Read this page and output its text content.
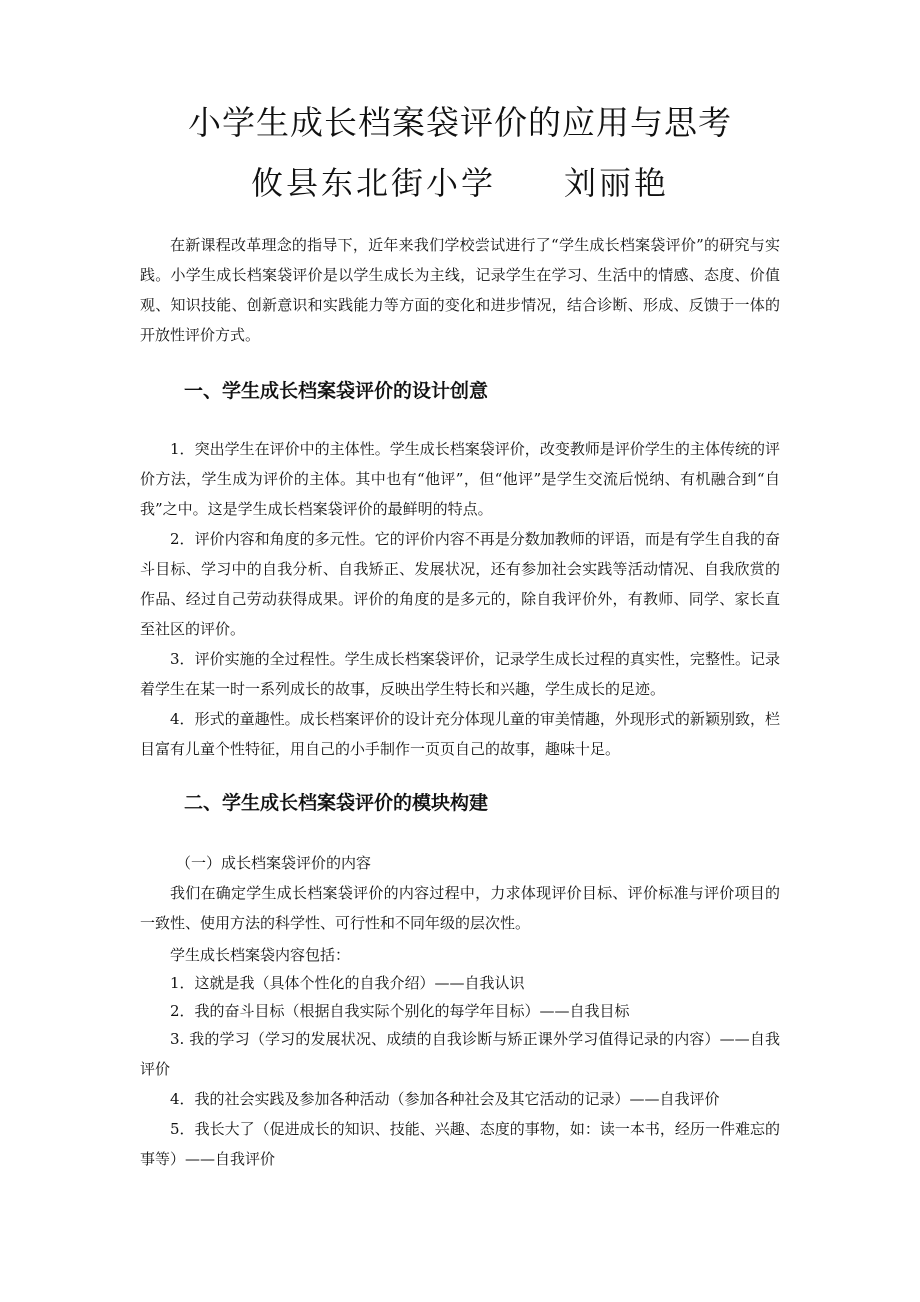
小学生成长档案袋评价的应用与思考
攸县东北街小学 刘丽艳

在新课程改革理念的指导下，近年来我们学校尝试进行了“学生成长档案袋评价”的研究与实践。小学生成长档案袋评价是以学生成长为主线，记录学生在学习、生活中的情感、态度、价值观、知识技能、创新意识和实践能力等方面的变化和进步情况，结合诊断、形成、反馈于一体的开放性评价方式。

一、学生成长档案袋评价的设计创意

1．突出学生在评价中的主体性。学生成长档案袋评价，改变教师是评价学生的主体传统的评价方法，学生成为评价的主体。其中也有“他评”，但“他评”是学生交流后悦纳、有机融合到“自我”之中。这是学生成长档案袋评价的最鲜明的特点。

2．评价内容和角度的多元性。它的评价内容不再是分数加教师的评语，而是有学生自我的奋斗目标、学习中的自我分析、自我矫正、发展状况，还有参加社会实践等活动情况、自我欣赏的作品、经过自己劳动获得成果。评价的角度的是多元的，除自我评价外，有教师、同学、家长直至社区的评价。

3．评价实施的全过程性。学生成长档案袋评价，记录学生成长过程的真实性，完整性。记录着学生在某一时一系列成长的故事，反映出学生特长和兴趣，学生成长的足迹。

4．形式的童趣性。成长档案评价的设计充分体现儿童的审美情趣，外现形式的新颖别致，栏目富有儿童个性特征，用自己的小手制作一页页自己的故事，趣味十足。

二、学生成长档案袋评价的模块构建
（一）成长档案袋评价的内容

我们在确定学生成长档案袋评价的内容过程中，力求体现评价目标、评价标准与评价项目的一致性、使用方法的科学性、可行性和不同年级的层次性。

学生成长档案袋内容包括：
1．这就是我（具体个性化的自我介绍）——自我认识
2．我的奋斗目标（根据自我实际个别化的每学年目标）——自我目标

3. 我的学习（学习的发展状况、成绩的自我诊断与矫正课外学习值得记录的内容）——自我评价

4．我的社会实践及参加各种活动（参加各种社会及其它活动的记录）——自我评价

5．我长大了（促进成长的知识、技能、兴趣、态度的事物，如：读一本书，经历一件难忘的事等）——自我评价
